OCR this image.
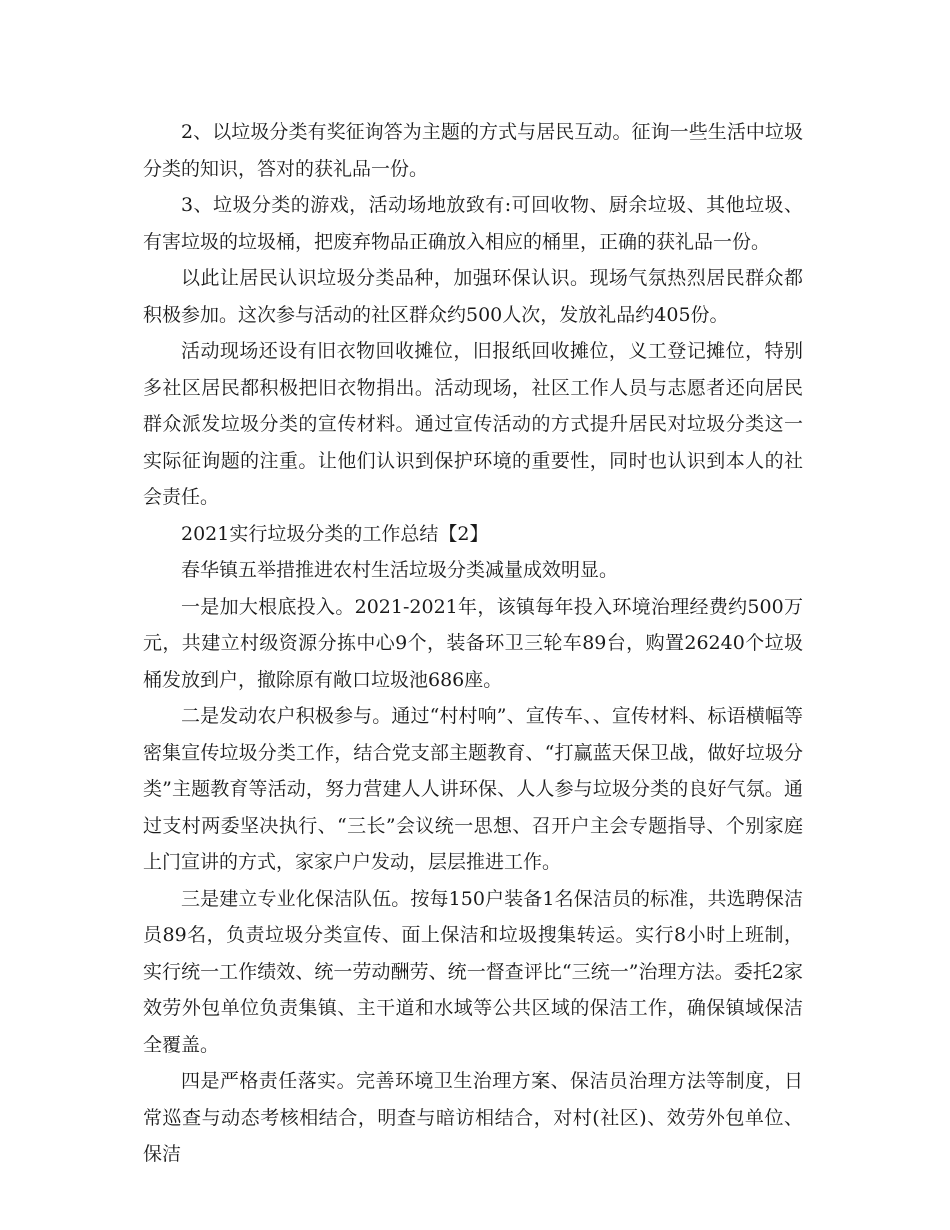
2、以垃圾分类有奖征询答为主题的方式与居民互动。征询一些生活中垃圾分类的知识，答对的获礼品一份。

3、垃圾分类的游戏，活动场地放致有:可回收物、厨余垃圾、其他垃圾、有害垃圾的垃圾桶，把废弃物品正确放入相应的桶里，正确的获礼品一份。

以此让居民认识垃圾分类品种，加强环保认识。现场气氛热烈居民群众都积极参加。这次参与活动的社区群众约500人次，发放礼品约405份。

活动现场还设有旧衣物回收摊位，旧报纸回收摊位，义工登记摊位，特别多社区居民都积极把旧衣物捐出。活动现场，社区工作人员与志愿者还向居民群众派发垃圾分类的宣传材料。通过宣传活动的方式提升居民对垃圾分类这一实际征询题的注重。让他们认识到保护环境的重要性，同时也认识到本人的社会责任。

2021实行垃圾分类的工作总结【2】

春华镇五举措推进农村生活垃圾分类减量成效明显。

一是加大根底投入。2021-2021年，该镇每年投入环境治理经费约500万元，共建立村级资源分拣中心9个，装备环卫三轮车89台，购置26240个垃圾桶发放到户，撤除原有敞口垃圾池686座。

二是发动农户积极参与。通过“村村响”、宣传车、、宣传材料、标语横幅等密集宣传垃圾分类工作，结合党支部主题教育、“打赢蓝天保卫战，做好垃圾分类”主题教育等活动，努力营建人人讲环保、人人参与垃圾分类的良好气氛。通过支村两委坚决执行、“三长”会议统一思想、召开户主会专题指导、个别家庭上门宣讲的方式，家家户户发动，层层推进工作。

三是建立专业化保洁队伍。按每150户装备1名保洁员的标准，共选聘保洁员89名，负责垃圾分类宣传、面上保洁和垃圾搜集转运。实行8小时上班制，实行统一工作绩效、统一劳动酬劳、统一督查评比“三统一”治理方法。委托2家效劳外包单位负责集镇、主干道和水域等公共区域的保洁工作，确保镇域保洁全覆盖。

四是严格责任落实。完善环境卫生治理方案、保洁员治理方法等制度，日常巡查与动态考核相结合，明查与暗访相结合，对村(社区)、效劳外包单位、保洁
